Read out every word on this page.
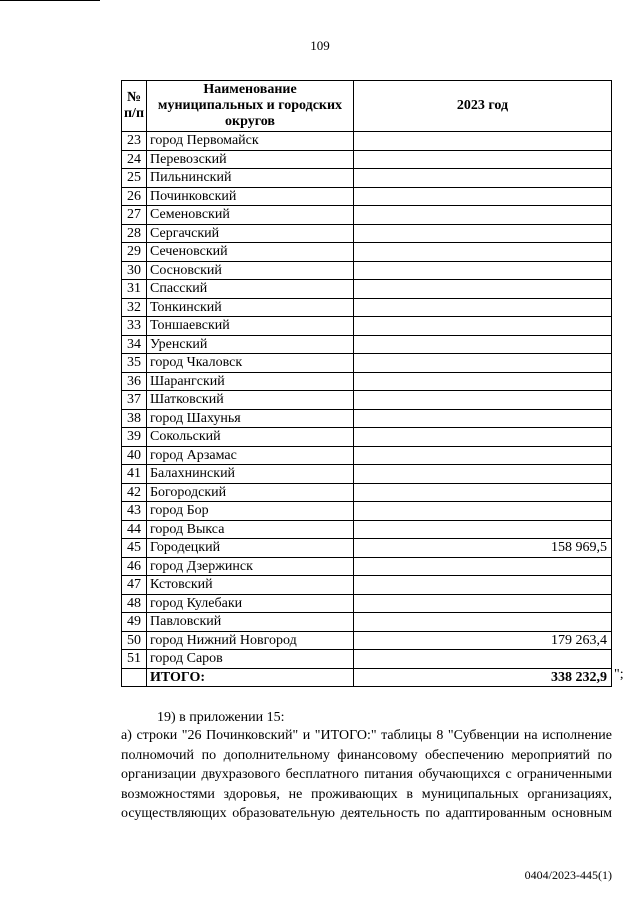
109
№ п/п	Наименование муниципальных и городских округов	2023 год
23	город Первомайск	
24	Перевозский	
25	Пильнинский	
26	Починковский	
27	Семеновский	
28	Сергачский	
29	Сеченовский	
30	Сосновский	
31	Спасский	
32	Тонкинский	
33	Тоншаевский	
34	Уренский	
35	город Чкаловск	
36	Шарангский	
37	Шатковский	
38	город Шахунья	
39	Сокольский	
40	город Арзамас	
41	Балахнинский	
42	Богородский	
43	город Бор	
44	город Выкса	
45	Городецкий	158 969,5
46	город Дзержинск	
47	Кстовский	
48	город Кулебаки	
49	Павловский	
50	город Нижний Новгород	179 263,4
51	город Саров	
	ИТОГО:	338 232,9 ";
19) в приложении 15:
а) строки "26 Починковский" и "ИТОГО:" таблицы 8 "Субвенции на исполнение полномочий по дополнительному финансовому обеспечению мероприятий по организации двухразового бесплатного питания обучающихся с ограниченными возможностями здоровья, не проживающих в муниципальных организациях, осуществляющих образовательную деятельность по адаптированным основным
0404/2023-445(1)
